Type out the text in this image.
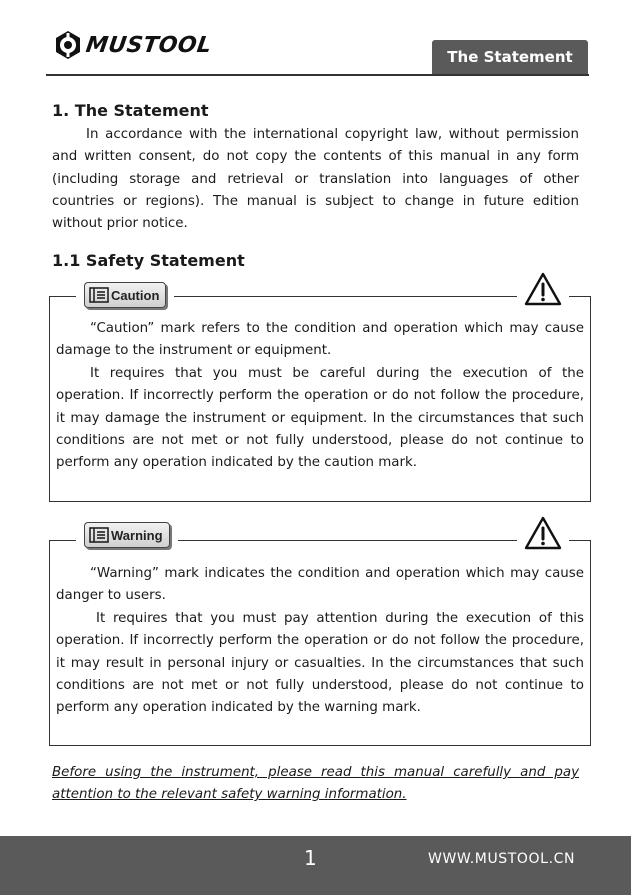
MUSTOOL	The Statement
1. The Statement
In accordance with the international copyright law, without permission and written consent, do not copy the contents of this manual in any form (including storage and retrieval or translation into languages of other countries or regions). The manual is subject to change in future edition without prior notice.
1.1 Safety Statement
Caution
“Caution” mark refers to the condition and operation which may cause damage to the instrument or equipment.
It requires that you must be careful during the execution of the operation. If incorrectly perform the operation or do not follow the procedure, it may damage the instrument or equipment. In the circumstances that such conditions are not met or not fully understood, please do not continue to perform any operation indicated by the caution mark.
Warning
“Warning” mark indicates the condition and operation which may cause danger to users.
It requires that you must pay attention during the execution of this operation. If incorrectly perform the operation or do not follow the procedure, it may result in personal injury or casualties. In the circumstances that such conditions are not met or not fully understood, please do not continue to perform any operation indicated by the warning mark.
Before using the instrument, please read this manual carefully and pay attention to the relevant safety warning information.
1	WWW.MUSTOOL.CN
